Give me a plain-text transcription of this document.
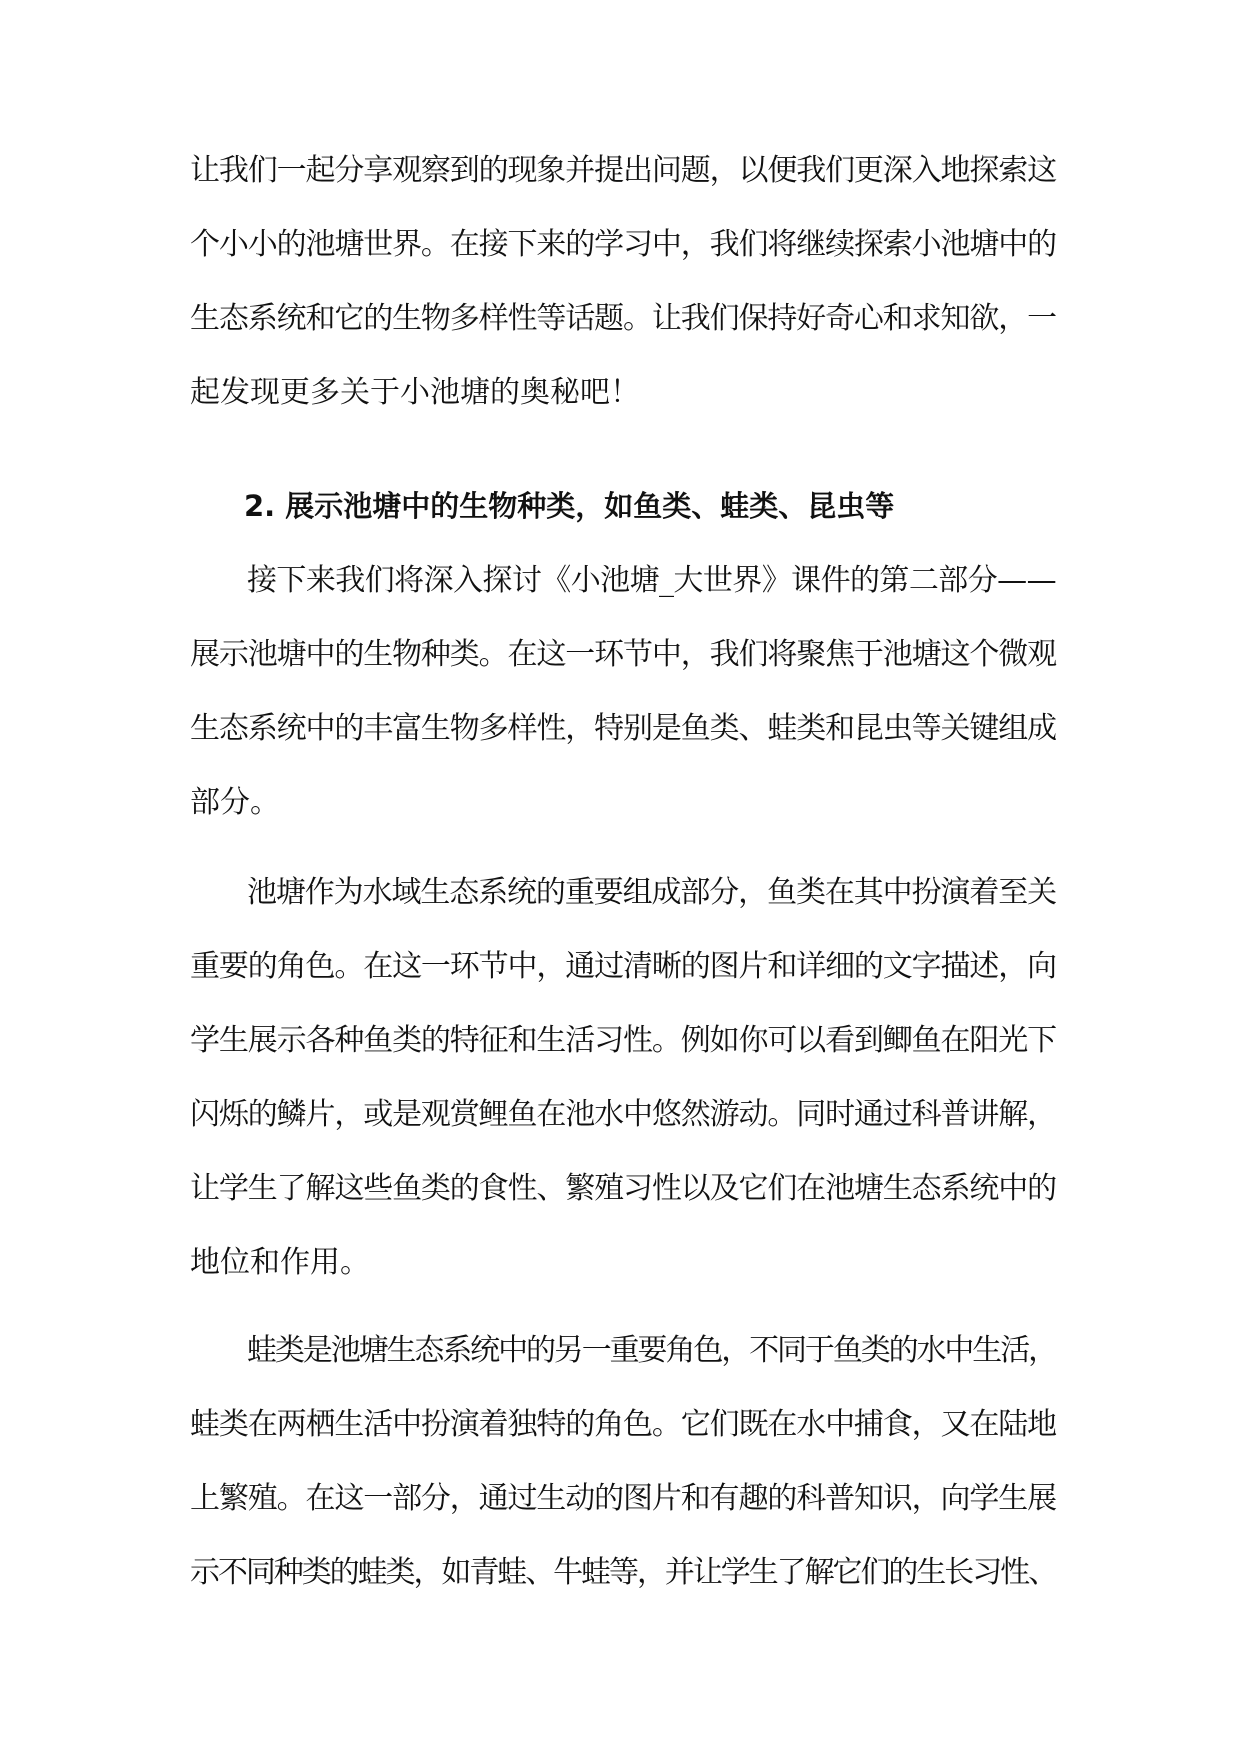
让我们一起分享观察到的现象并提出问题，以便我们更深入地探索这
个小小的池塘世界。在接下来的学习中，我们将继续探索小池塘中的
生态系统和它的生物多样性等话题。让我们保持好奇心和求知欲，一
起发现更多关于小池塘的奥秘吧！
2. 展示池塘中的生物种类，如鱼类、蛙类、昆虫等
接下来我们将深入探讨《小池塘_大世界》课件的第二部分——
展示池塘中的生物种类。在这一环节中，我们将聚焦于池塘这个微观
生态系统中的丰富生物多样性，特别是鱼类、蛙类和昆虫等关键组成
部分。
池塘作为水域生态系统的重要组成部分，鱼类在其中扮演着至关
重要的角色。在这一环节中，通过清晰的图片和详细的文字描述，向
学生展示各种鱼类的特征和生活习性。例如你可以看到鲫鱼在阳光下
闪烁的鳞片，或是观赏鲤鱼在池水中悠然游动。同时通过科普讲解，
让学生了解这些鱼类的食性、繁殖习性以及它们在池塘生态系统中的
地位和作用。
蛙类是池塘生态系统中的另一重要角色，不同于鱼类的水中生活，
蛙类在两栖生活中扮演着独特的角色。它们既在水中捕食，又在陆地
上繁殖。在这一部分，通过生动的图片和有趣的科普知识，向学生展
示不同种类的蛙类，如青蛙、牛蛙等，并让学生了解它们的生长习性、
